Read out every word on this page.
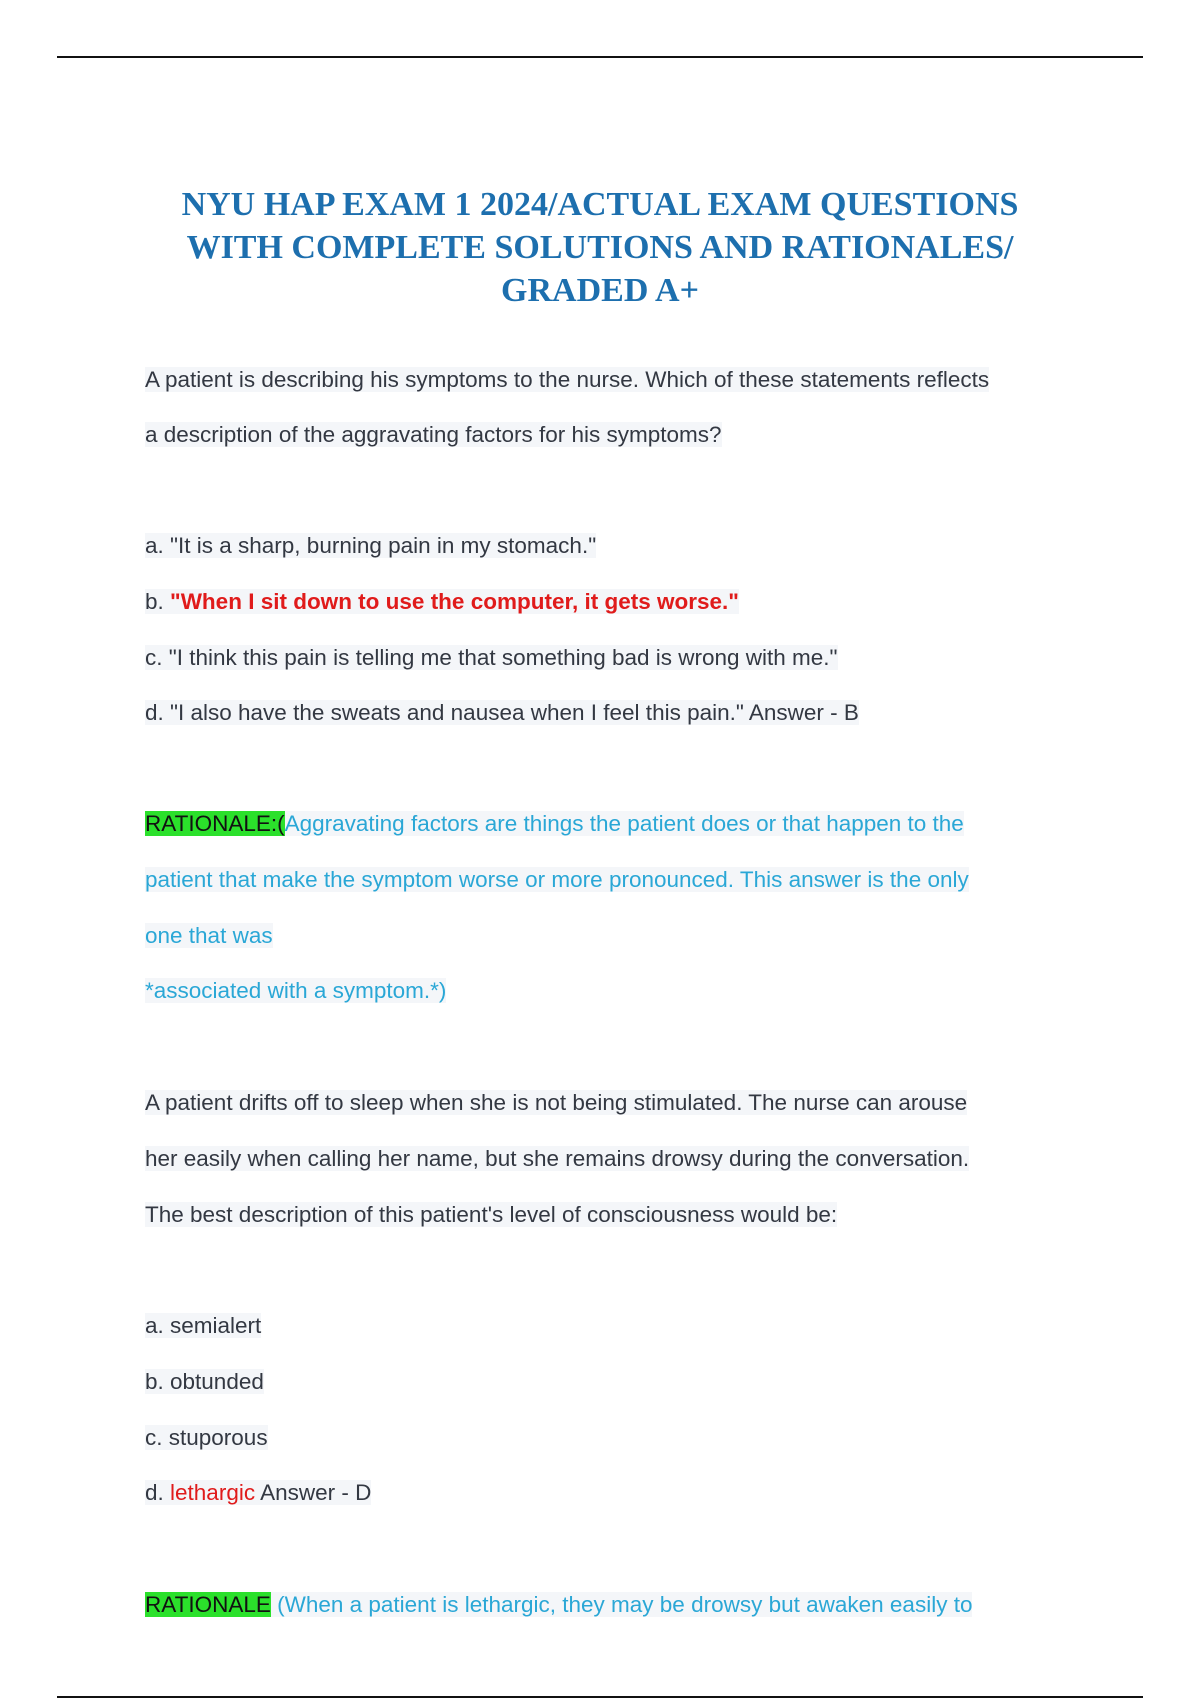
NYU HAP EXAM 1 2024/ACTUAL EXAM QUESTIONS
WITH COMPLETE SOLUTIONS AND RATIONALES/
GRADED A+
A patient is describing his symptoms to the nurse. Which of these statements reflects
a description of the aggravating factors for his symptoms?
a. "It is a sharp, burning pain in my stomach."
b. "When I sit down to use the computer, it gets worse."
c. "I think this pain is telling me that something bad is wrong with me."
d. "I also have the sweats and nausea when I feel this pain." Answer - B
RATIONALE:(Aggravating factors are things the patient does or that happen to the
patient that make the symptom worse or more pronounced. This answer is the only
one that was
*associated with a symptom.*)
A patient drifts off to sleep when she is not being stimulated. The nurse can arouse
her easily when calling her name, but she remains drowsy during the conversation.
The best description of this patient's level of consciousness would be:
a. semialert
b. obtunded
c. stuporous
d. lethargic Answer - D
RATIONALE (When a patient is lethargic, they may be drowsy but awaken easily to
